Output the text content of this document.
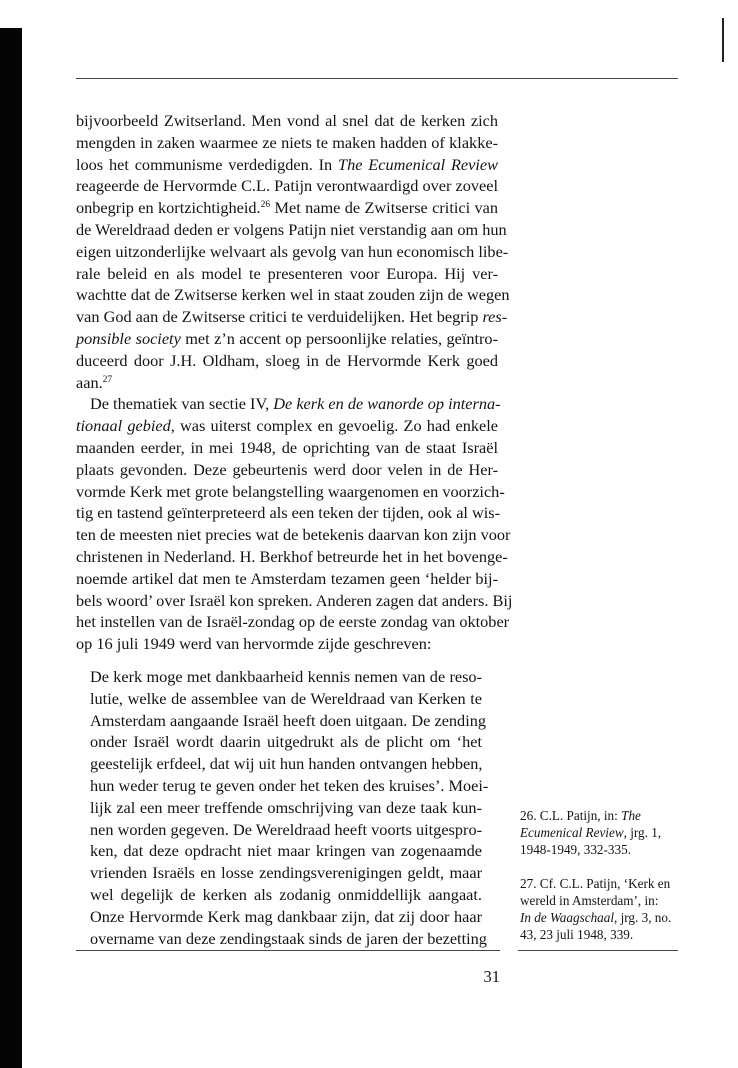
bijvoorbeeld Zwitserland. Men vond al snel dat de kerken zich
mengden in zaken waarmee ze niets te maken hadden of klakke-
loos het communisme verdedigden. In The Ecumenical Review
reageerde de Hervormde C.L. Patijn verontwaardigd over zoveel
onbegrip en kortzichtigheid.$^{26}$ Met name de Zwitserse critici van
de Wereldraad deden er volgens Patijn niet verstandig aan om hun
eigen uitzonderlijke welvaart als gevolg van hun economisch libe-
rale beleid en als model te presenteren voor Europa. Hij ver-
wachtte dat de Zwitserse kerken wel in staat zouden zijn de wegen
van God aan de Zwitserse critici te verduidelijken. Het begrip res-
ponsible society met z’n accent op persoonlijke relaties, geïntro-
duceerd door J.H. Oldham, sloeg in de Hervormde Kerk goed
aan.$^{27}$
De thematiek van sectie IV, De kerk en de wanorde op interna-
tionaal gebied, was uiterst complex en gevoelig. Zo had enkele
maanden eerder, in mei 1948, de oprichting van de staat Israël
plaats gevonden. Deze gebeurtenis werd door velen in de Her-
vormde Kerk met grote belangstelling waargenomen en voorzich-
tig en tastend geïnterpreteerd als een teken der tijden, ook al wis-
ten de meesten niet precies wat de betekenis daarvan kon zijn voor
christenen in Nederland. H. Berkhof betreurde het in het bovenge-
noemde artikel dat men te Amsterdam tezamen geen ‘helder bij-
bels woord’ over Israël kon spreken. Anderen zagen dat anders. Bij
het instellen van de Israël-zondag op de eerste zondag van oktober
op 16 juli 1949 werd van hervormde zijde geschreven:
De kerk moge met dankbaarheid kennis nemen van de reso-
lutie, welke de assemblee van de Wereldraad van Kerken te
Amsterdam aangaande Israël heeft doen uitgaan. De zending
onder Israël wordt daarin uitgedrukt als de plicht om ‘het
geestelijk erfdeel, dat wij uit hun handen ontvangen hebben,
hun weder terug te geven onder het teken des kruises’. Moei-
lijk zal een meer treffende omschrijving van deze taak kun-
nen worden gegeven. De Wereldraad heeft voorts uitgespro-
ken, dat deze opdracht niet maar kringen van zogenaamde
vrienden Israëls en losse zendingsverenigingen geldt, maar
wel degelijk de kerken als zodanig onmiddellijk aangaat.
Onze Hervormde Kerk mag dankbaar zijn, dat zij door haar
overname van deze zendingstaak sinds de jaren der bezetting
26. C.L. Patijn, in: The
Ecumenical Review, jrg. 1,
1948-1949, 332-335.
27. Cf. C.L. Patijn, ‘Kerk en
wereld in Amsterdam’, in:
In de Waagschaal, jrg. 3, no.
43, 23 juli 1948, 339.
31
